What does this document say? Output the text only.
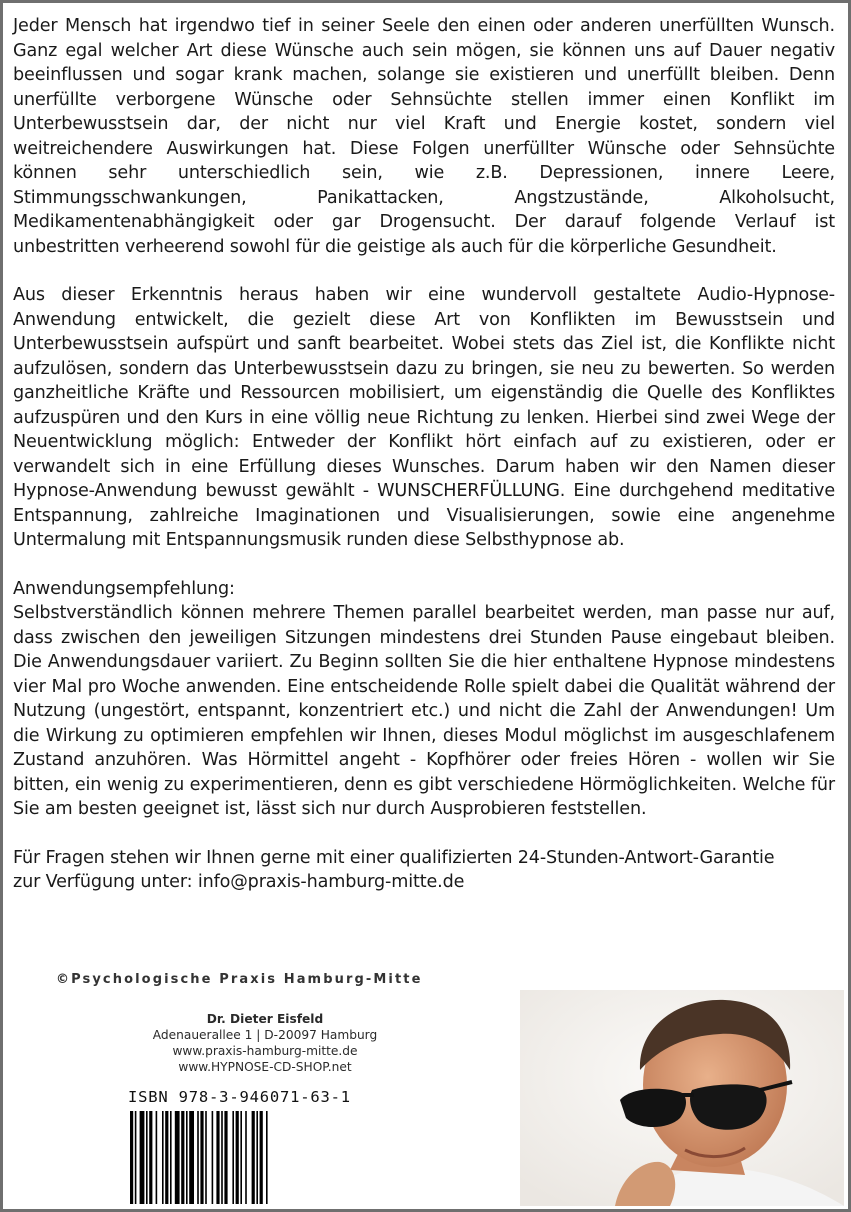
Jeder Mensch hat irgendwo tief in seiner Seele den einen oder anderen unerfüllten Wunsch. Ganz egal welcher Art diese Wünsche auch sein mögen, sie können uns auf Dauer negativ beeinflussen und sogar krank machen, solange sie existieren und unerfüllt bleiben. Denn unerfüllte verborgene Wünsche oder Sehnsüchte stellen immer einen Konflikt im Unterbewusstsein dar, der nicht nur viel Kraft und Energie kostet, sondern viel weitreichendere Auswirkungen hat. Diese Folgen unerfüllter Wünsche oder Sehnsüchte können sehr unterschiedlich sein, wie z.B. Depressionen, innere Leere, Stimmungsschwankungen, Panikattacken, Angstzustände, Alkoholsucht, Medikamentenabhängigkeit oder gar Drogensucht. Der darauf folgende Verlauf ist unbestritten verheerend sowohl für die geistige als auch für die körperliche Gesundheit.

Aus dieser Erkenntnis heraus haben wir eine wundervoll gestaltete Audio-Hypnose-Anwendung entwickelt, die gezielt diese Art von Konflikten im Bewusstsein und Unterbewusstsein aufspürt und sanft bearbeitet. Wobei stets das Ziel ist, die Konflikte nicht aufzulösen, sondern das Unterbewusstsein dazu zu bringen, sie neu zu bewerten. So werden ganzheitliche Kräfte und Ressourcen mobilisiert, um eigenständig die Quelle des Konfliktes aufzuspüren und den Kurs in eine völlig neue Richtung zu lenken. Hierbei sind zwei Wege der Neuentwicklung möglich: Entweder der Konflikt hört einfach auf zu existieren, oder er verwandelt sich in eine Erfüllung dieses Wunsches. Darum haben wir den Namen dieser Hypnose-Anwendung bewusst gewählt - WUNSCHERFÜLLUNG. Eine durchgehend meditative Entspannung, zahlreiche Imaginationen und Visualisierungen, sowie eine angenehme Untermalung mit Entspannungsmusik runden diese Selbsthypnose ab.

Anwendungsempfehlung:
Selbstverständlich können mehrere Themen parallel bearbeitet werden, man passe nur auf, dass zwischen den jeweiligen Sitzungen mindestens drei Stunden Pause eingebaut bleiben. Die Anwendungsdauer variiert. Zu Beginn sollten Sie die hier enthaltene Hypnose mindestens vier Mal pro Woche anwenden. Eine entscheidende Rolle spielt dabei die Qualität während der Nutzung (ungestört, entspannt, konzentriert etc.) und nicht die Zahl der Anwendungen! Um die Wirkung zu optimieren empfehlen wir Ihnen, dieses Modul möglichst im ausgeschlafenem Zustand anzuhören. Was Hörmittel angeht - Kopfhörer oder freies Hören - wollen wir Sie bitten, ein wenig zu experimentieren, denn es gibt verschiedene Hörmöglichkeiten. Welche für Sie am besten geeignet ist, lässt sich nur durch Ausprobieren feststellen.

Für Fragen stehen wir Ihnen gerne mit einer qualifizierten 24-Stunden-Antwort-Garantie
zur Verfügung unter: info@praxis-hamburg-mitte.de

©Psychologische Praxis Hamburg-Mitte
Dr. Dieter Eisfeld
Adenauerallee 1 | D-20097 Hamburg
www.praxis-hamburg-mitte.de
www.HYPNOSE-CD-SHOP.net
ISBN 978-3-946071-63-1
